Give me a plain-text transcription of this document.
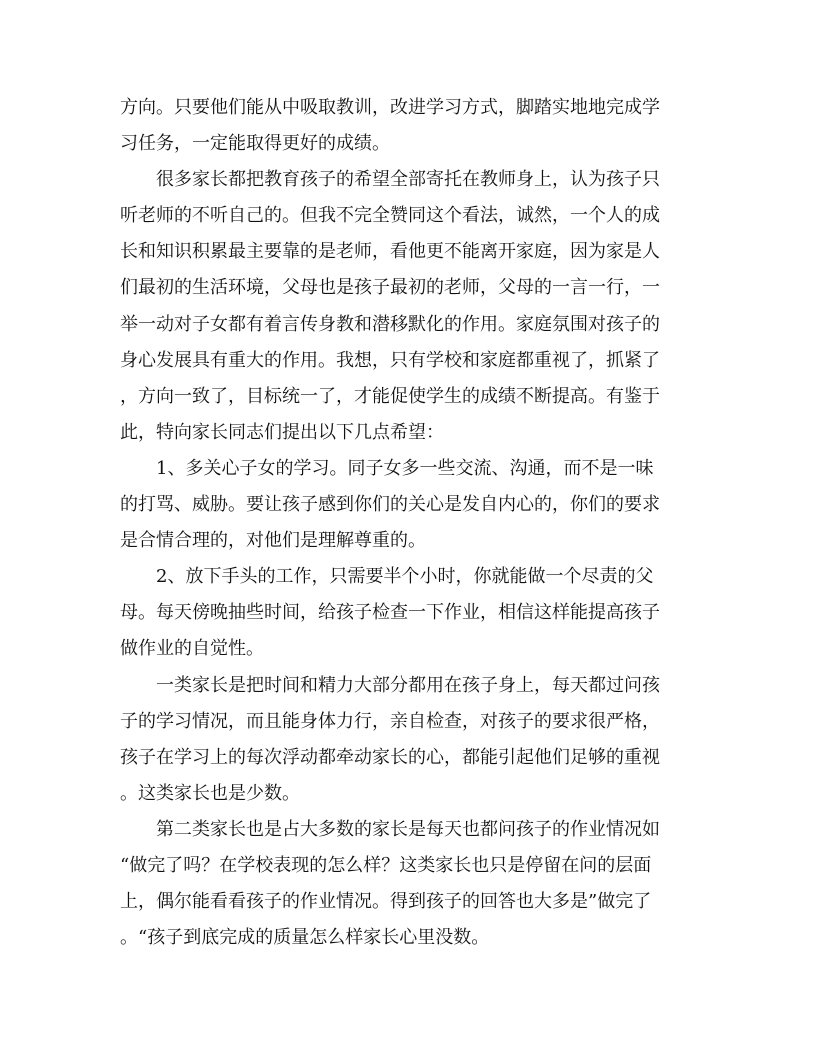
方向。只要他们能从中吸取教训，改进学习方式，脚踏实地地完成学
习任务，一定能取得更好的成绩。
　　很多家长都把教育孩子的希望全部寄托在教师身上，认为孩子只
听老师的不听自己的。但我不完全赞同这个看法，诚然，一个人的成
长和知识积累最主要靠的是老师，看他更不能离开家庭，因为家是人
们最初的生活环境，父母也是孩子最初的老师，父母的一言一行，一
举一动对子女都有着言传身教和潜移默化的作用。家庭氛围对孩子的
身心发展具有重大的作用。我想，只有学校和家庭都重视了，抓紧了
，方向一致了，目标统一了，才能促使学生的成绩不断提高。有鉴于
此，特向家长同志们提出以下几点希望：
　　1、多关心子女的学习。同子女多一些交流、沟通，而不是一味
的打骂、威胁。要让孩子感到你们的关心是发自内心的，你们的要求
是合情合理的，对他们是理解尊重的。
　　2、放下手头的工作，只需要半个小时，你就能做一个尽责的父
母。每天傍晚抽些时间，给孩子检查一下作业，相信这样能提高孩子
做作业的自觉性。
　　一类家长是把时间和精力大部分都用在孩子身上，每天都过问孩
子的学习情况，而且能身体力行，亲自检查，对孩子的要求很严格，
孩子在学习上的每次浮动都牵动家长的心，都能引起他们足够的重视
。这类家长也是少数。
　　第二类家长也是占大多数的家长是每天也都问孩子的作业情况如
“做完了吗？在学校表现的怎么样？这类家长也只是停留在问的层面
上，偶尔能看看孩子的作业情况。得到孩子的回答也大多是”做完了
。“孩子到底完成的质量怎么样家长心里没数。
